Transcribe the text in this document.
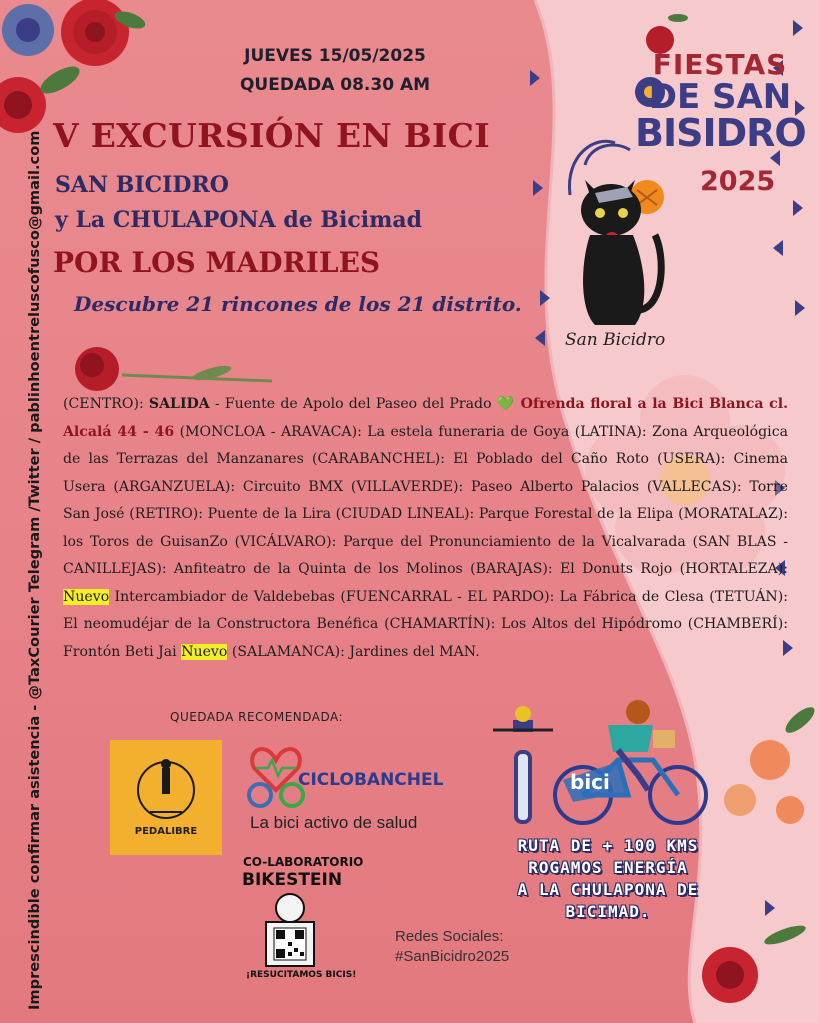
Imprescindible confirmar asistencia - @TaxCourier Telegram /Twitter / pablinhoentreluscofusco@gmail.com
JUEVES 15/05/2025
QUEDADA 08.30 AM
V EXCURSIÓN EN BICI
SAN BICIDRO
y La CHULAPONA de Bicimad
POR LOS MADRILES
Descubre 21 rincones de los 21 distrito.
FIESTAS
DE SAN
BISIDRO
2025
San Bicidro
(CENTRO): SALIDA - Fuente de Apolo del Paseo del Prado 💚 Ofrenda floral a la Bici Blanca cl. Alcalá 44 - 46 (MONCLOA - ARAVACA): La estela funeraria de Goya (LATINA): Zona Arqueológica de las Terrazas del Manzanares (CARABANCHEL): El Poblado del Caño Roto (USERA): Cinema Usera (ARGANZUELA): Circuito BMX (VILLAVERDE): Paseo Alberto Palacios (VALLECAS): Torre San José (RETIRO): Puente de la Lira (CIUDAD LINEAL): Parque Forestal de la Elipa (MORATALAZ): los Toros de GuisanZo (VICÁLVARO): Parque del Pronunciamiento de la Vicalvarada (SAN BLAS - CANILLEJAS): Anfiteatro de la Quinta de los Molinos (BARAJAS): El Donuts Rojo (HORTALEZA): Nuevo Intercambiador de Valdebebas (FUENCARRAL - EL PARDO): La Fábrica de Clesa (TETUÁN): El neomudéjar de la Constructora Benéfica (CHAMARTÍN): Los Altos del Hipódromo (CHAMBERÍ): Frontón Beti Jai Nuevo (SALAMANCA): Jardines del MAN.
QUEDADA RECOMENDADA:
PEDALIBRE
CICLOBANCHEL
La bici activo de salud
CO-LABORATORIO
BIKESTEIN
¡RESUCITAMOS BICIS!
Redes Sociales:
#SanBicidro2025
bici
RUTA DE + 100 KMS
ROGAMOS ENERGÍA
A LA CHULAPONA DE
BICIMAD.
